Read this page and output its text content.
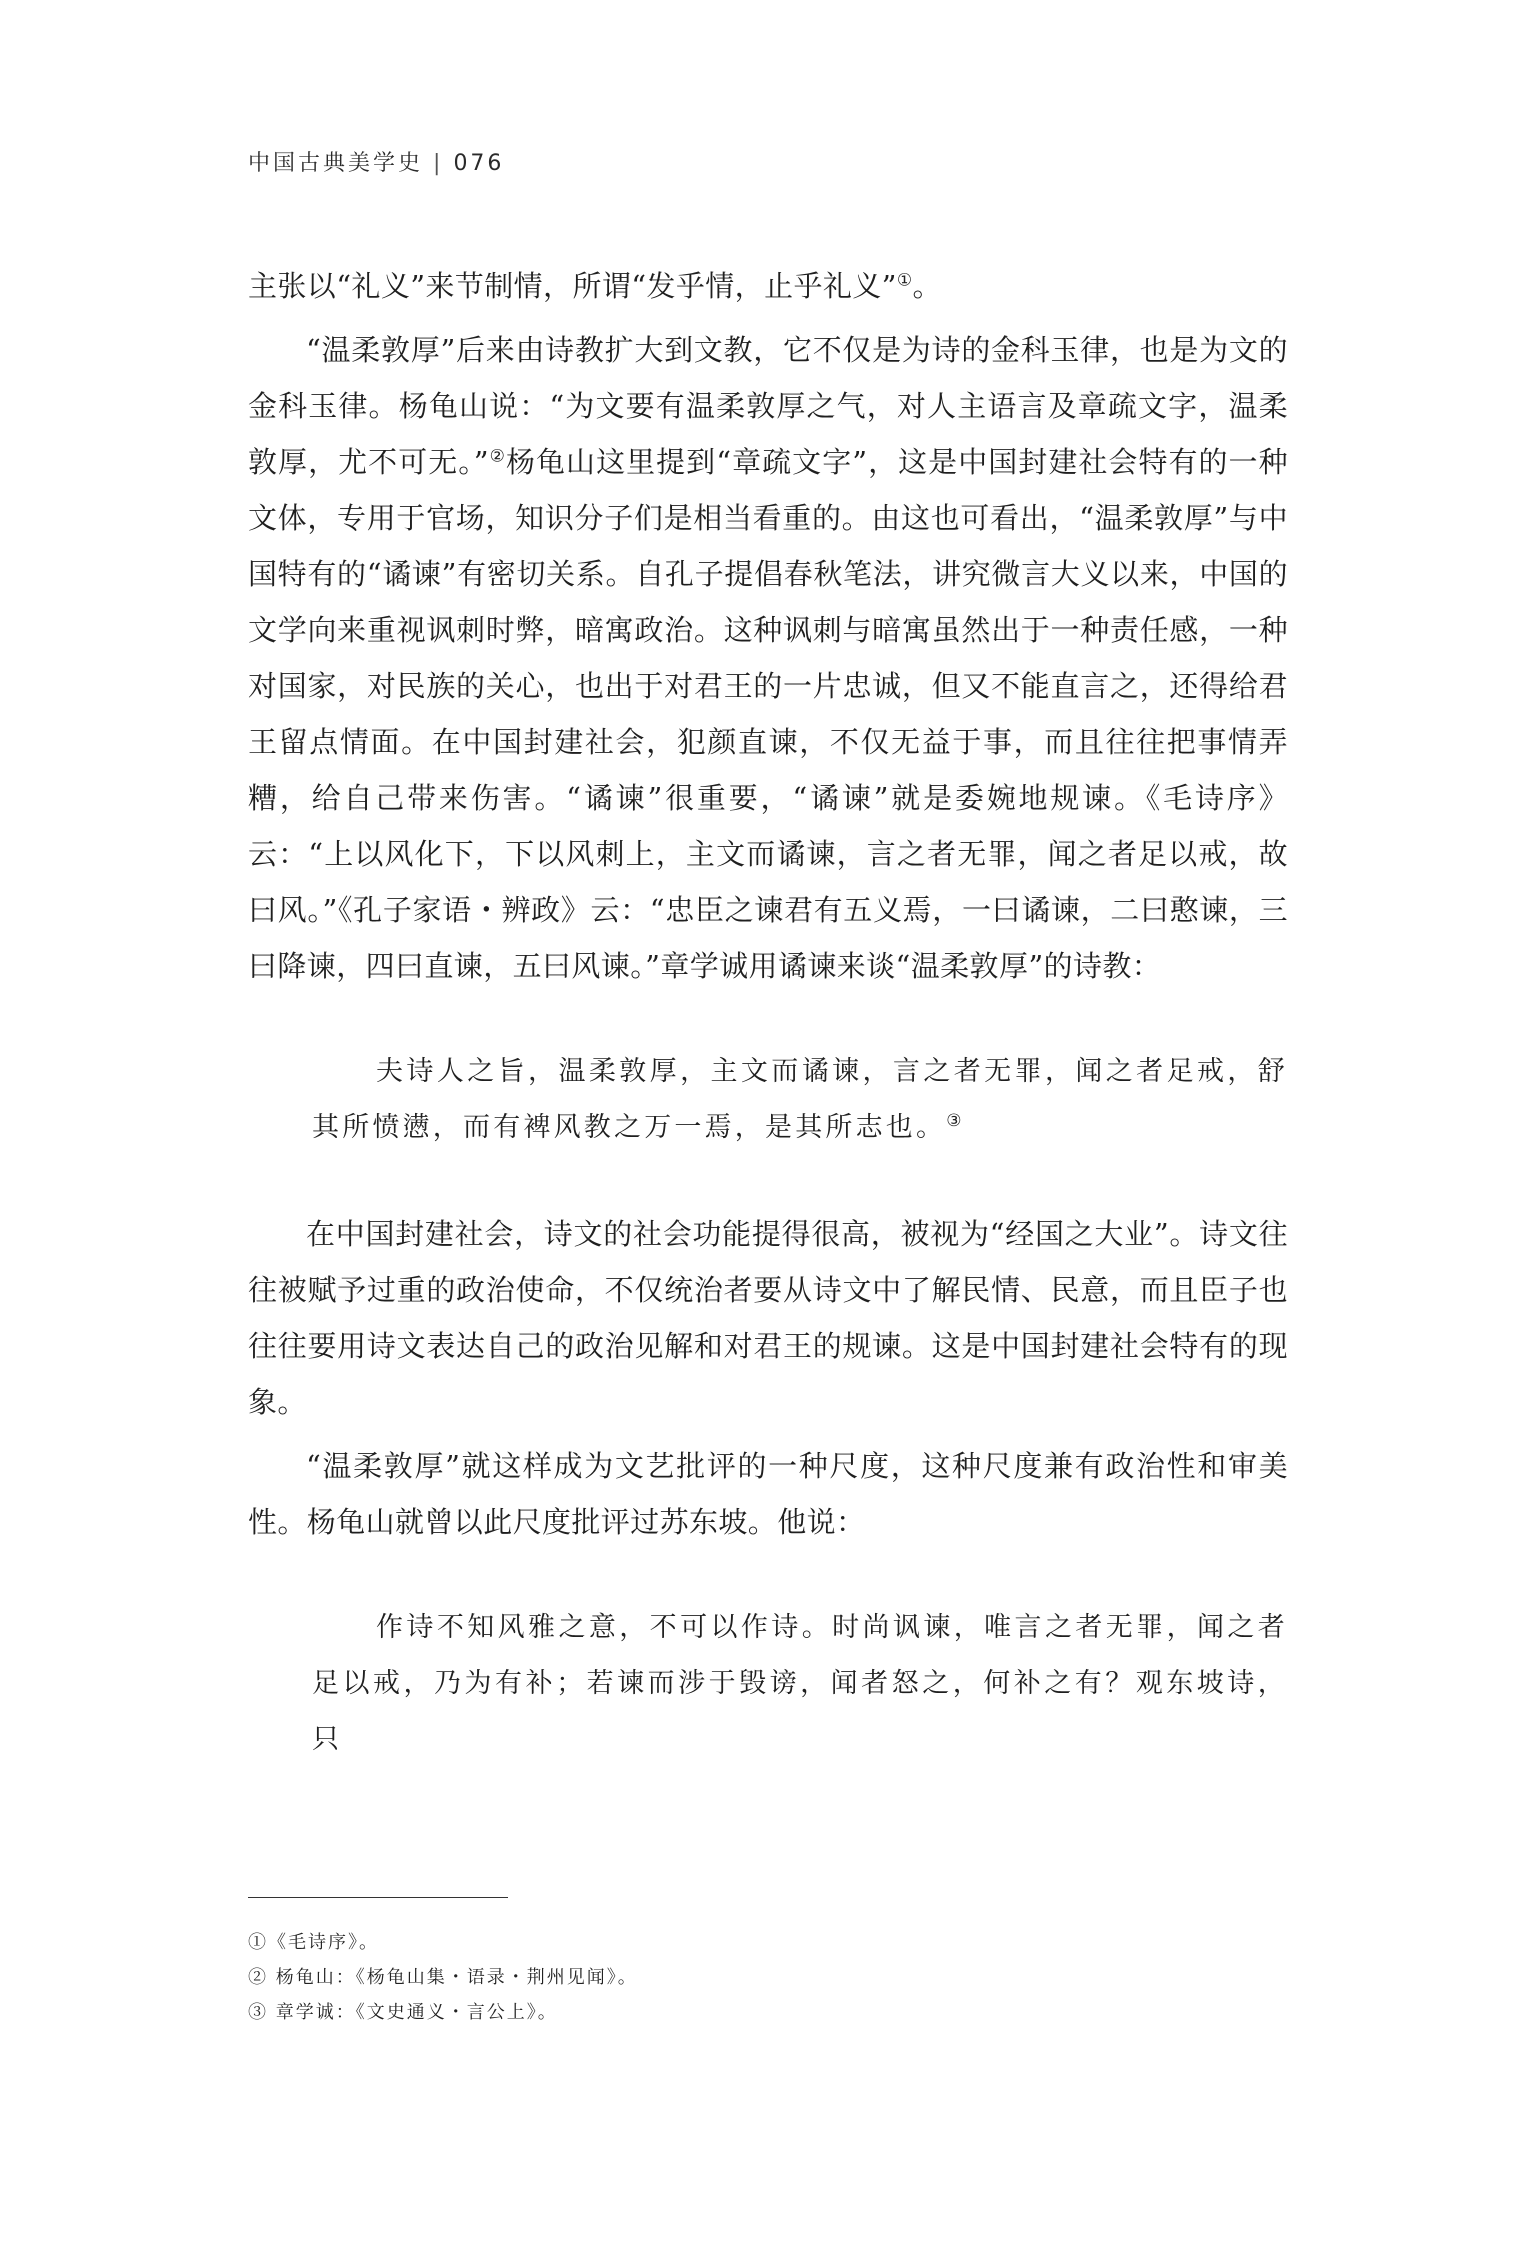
中国古典美学史 | 076

主张以“礼义”来节制情，所谓“发乎情，止乎礼义”①。

“温柔敦厚”后来由诗教扩大到文教，它不仅是为诗的金科玉律，也是为文的金科玉律。杨龟山说：“为文要有温柔敦厚之气，对人主语言及章疏文字，温柔敦厚，尤不可无。”②杨龟山这里提到“章疏文字”，这是中国封建社会特有的一种文体，专用于官场，知识分子们是相当看重的。由这也可看出，“温柔敦厚”与中国特有的“谲谏”有密切关系。自孔子提倡春秋笔法，讲究微言大义以来，中国的文学向来重视讽刺时弊，暗寓政治。这种讽刺与暗寓虽然出于一种责任感，一种对国家，对民族的关心，也出于对君王的一片忠诚，但又不能直言之，还得给君王留点情面。在中国封建社会，犯颜直谏，不仅无益于事，而且往往把事情弄糟，给自己带来伤害。“谲谏”很重要，“谲谏”就是委婉地规谏。《毛诗序》云：“上以风化下，下以风刺上，主文而谲谏，言之者无罪，闻之者足以戒，故曰风。”《孔子家语・辨政》云：“忠臣之谏君有五义焉，一曰谲谏，二曰憨谏，三曰降谏，四曰直谏，五曰风谏。”章学诚用谲谏来谈“温柔敦厚”的诗教：

夫诗人之旨，温柔敦厚，主文而谲谏，言之者无罪，闻之者足戒，舒其所愤懑，而有裨风教之万一焉，是其所志也。③

在中国封建社会，诗文的社会功能提得很高，被视为“经国之大业”。诗文往往被赋予过重的政治使命，不仅统治者要从诗文中了解民情、民意，而且臣子也往往要用诗文表达自己的政治见解和对君王的规谏。这是中国封建社会特有的现象。

“温柔敦厚”就这样成为文艺批评的一种尺度，这种尺度兼有政治性和审美性。杨龟山就曾以此尺度批评过苏东坡。他说：

作诗不知风雅之意，不可以作诗。时尚讽谏，唯言之者无罪，闻之者足以戒，乃为有补；若谏而涉于毁谤，闻者怒之，何补之有？观东坡诗，只

①《毛诗序》。

② 杨龟山：《杨龟山集・语录・荆州见闻》。

③ 章学诚：《文史通义・言公上》。
